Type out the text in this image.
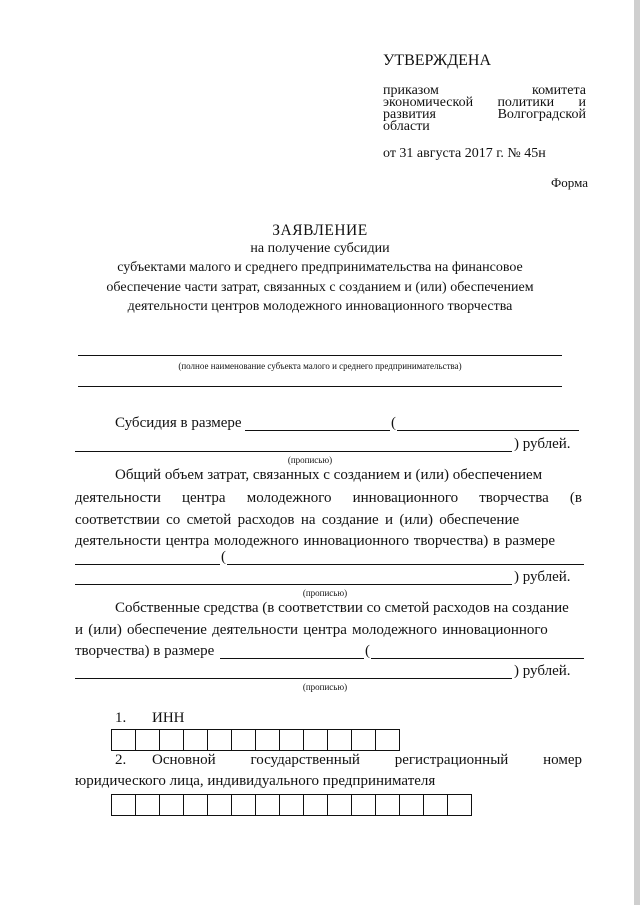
УТВЕРЖДЕНА
приказом	комитета
экономической политики и
развития	Волгоградской
области
от 31 августа 2017 г. № 45н
Форма
ЗАЯВЛЕНИЕ
на получение субсидии
субъектами малого и среднего предпринимательства на финансовое
обеспечение части затрат, связанных с созданием и (или) обеспечением
деятельности центров молодежного инновационного творчества
(полное наименование субъекта малого и среднего предпринимательства)
Субсидия в размере	(
) рублей.
(прописью)
Общий объем затрат, связанных с созданием и (или) обеспечением
деятельности центра молодежного инновационного творчества (в
соответствии со сметой расходов на создание и (или) обеспечение
деятельности центра молодежного инновационного творчества) в размере
(
) рублей.
(прописью)
Собственные средства (в соответствии со сметой расходов на создание
и (или) обеспечение деятельности центра молодежного инновационного
творчества) в размере	(
) рублей.
(прописью)
1. ИНН
2. Основной государственный регистрационный номер
юридического лица, индивидуального предпринимателя
